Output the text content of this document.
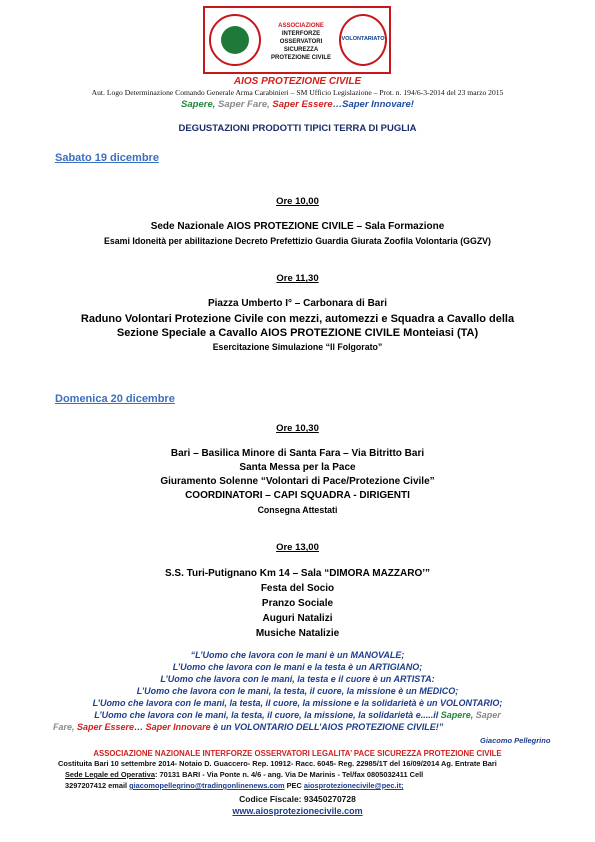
ASSOCIAZIONE
INTERFORZE
OSSERVATORI SICUREZZA
PROTEZIONE CIVILE
VOLONTARIATO
AIOS PROTEZIONE CIVILE
Aut. Logo Determinazione Comando Generale Arma Carabinieri – SM Ufficio Legislazione – Prot. n. 194/6-3-2014 del 23 marzo 2015
Sapere, Saper Fare, Saper Essere…Saper Innovare!
DEGUSTAZIONI PRODOTTI TIPICI TERRA DI PUGLIA
Sabato 19 dicembre
Ore 10,00
Sede Nazionale AIOS PROTEZIONE CIVILE – Sala Formazione
Esami Idoneità per abilitazione Decreto Prefettizio Guardia Giurata Zoofila Volontaria (GGZV)
Ore 11,30
Piazza Umberto I° – Carbonara di Bari
Raduno Volontari Protezione Civile con mezzi, automezzi e Squadra a Cavallo della
Sezione Speciale a Cavallo AIOS PROTEZIONE CIVILE Monteiasi (TA)
Esercitazione Simulazione “Il Folgorato”
Domenica 20 dicembre
Ore 10,30
Bari – Basilica Minore di Santa Fara – Via Bitritto Bari
Santa Messa per la Pace
Giuramento Solenne “Volontari di Pace/Protezione Civile”
COORDINATORI – CAPI SQUADRA - DIRIGENTI
Consegna Attestati
Ore 13,00
S.S. Turi-Putignano Km 14 – Sala “DIMORA MAZZARO’”
Festa del Socio
Pranzo Sociale
Auguri Natalizi
Musiche Natalizie
“L’Uomo che lavora con le mani è un MANOVALE;
L’Uomo che lavora con le mani e la testa è un ARTIGIANO;
L’Uomo che lavora con le mani, la testa e il cuore è un ARTISTA:
L’Uomo che lavora con le mani, la testa, il cuore, la missione è un MEDICO;
L’Uomo che lavora con le mani, la testa, il cuore, la missione e la solidarietà è un VOLONTARIO;
L’Uomo che lavora con le mani, la testa, il cuore, la missione, la solidarietà e.....il Sapere, Saper
Fare, Saper Essere… Saper Innovare è un VOLONTARIO DELL’AIOS PROTEZIONE CIVILE!”
Giacomo Pellegrino
ASSOCIAZIONE NAZIONALE INTERFORZE OSSERVATORI LEGALITA’ PACE SICUREZZA PROTEZIONE CIVILE
Costituita Bari 10 settembre 2014- Notaio D. Guaccero- Rep. 10912- Racc. 6045- Reg. 22985/1T del 16/09/2014 Ag. Entrate Bari
Sede Legale ed Operativa: 70131 BARI - Via Ponte n. 4/6 - ang. Via De Marinis - Tel/fax 0805032411 Cell
3297207412 email giacomopellegrino@tradingonlinenews.com PEC aiosprotezionecivile@pec.it;
Codice Fiscale: 93450270728
www.aiosprotezionecivile.com
